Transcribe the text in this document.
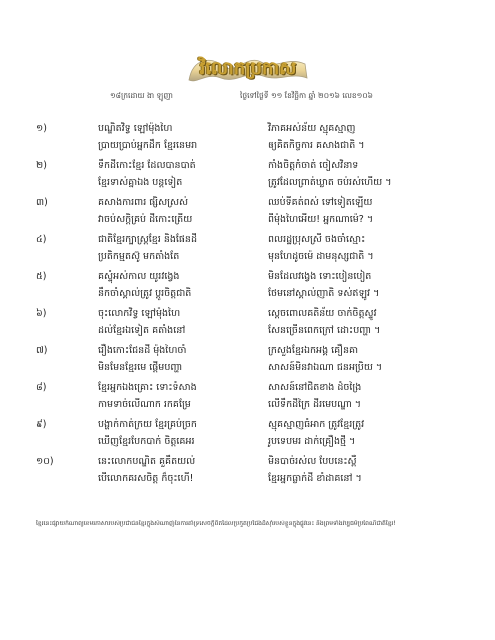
វិលោកប្រកាស
១៨ក្រដោយ ងា ឡូញា	ថ្ងៃទៅថ្ងៃទី ១១ ខែវិច្ឆិកា ឆ្នាំ ២០១៦ លេខ១០៦
១)	បណ្ឌិតវិទ្វ ឡៅម៉ុងហៃ	វិភាគអស់ន័យ ស្មុគស្មាញ
ប្រាយប្រាប់អ្នកដឹក ខ្មែរនេមរា	ឲ្យគិតកិច្ចការ គសាងជាតិ ។
២)	ទឹកដីកោះខ្មែរ ដែលបានបាត់	កាំងចិត្តកំចាត់ ចៀសវិនាទ
ខ្មែរទាស់គ្នាឯង បន្តទៀត	ត្រូវដែលព្រាត់ឃ្លាត ចប់រស់ហើយ ។
៣)	គសាងការពារ ផ្សិសស្រស់	ឈប់ទីគត់ពស់ ទៅទៀតឡើយ
វាចប់សក្តិគ្រប់ ដីកោះត្រើយ	ពីម៉ុងហៃអើយ! អ្នកណាម៉េ? ។
៤)	ជាតិខ្មែរក្បាស្រ្តខ្មែរ និងផែនដី	ពលរដ្ឋប្រុសស្រី ចងចាំស្មោះ
ប្រតិកម្មតស៊ូ មកតាំងតែ	មុនហែដូចម៉េ ដាមនុស្សជាតិ ។
៥)	គស្ទុំអស់កាល យូរវង្វេង	មិនដែលវង្វេង ទោះបៀនបៀត
នឹកចាំស្គាល់ត្រូវ ប្តូរចិត្តជាតិ	ថែមនៅស្គាល់ញាតិ ទស់ឥឡូវ ។
៦)	ចុះលោកវិទ្វ ឡៅម៉ុងហៃ	ស្តេចពោលគតិន័យ ចាក់ចិត្តស្ទូវ
ដល់ខ្មែរឯទៀត គតាំងនៅ	សែនច្រើនពេកក្រៅ ដោះបញ្ហា ។
៧)	រឿងកោះជែនដី ម៉ុងហៃចាំ	ក្រសួងខ្មែរឯកអង្គ គឿនគា
មិនមែនខ្មែរមេ ផ្តើមបញ្ហា	សាសន៍មិនវាឯណា ជនអប្រិយ ។
៨)	ខ្មែរអ្នកឯងគ្រោះ ទោះទំសាង	សាសន៍នៅជិតខាង ដំចង្រៃ
កាមទាច់លើណាក រកគម្រែ	លើទឹកដីក្រៃ ដីរមេបណ្ឌា ។
៩)	បង្ហាក់កាត់ក្រយ ខ្មែរគ្រប់ច្រក	ស្មុគស្មាញធំអាក ត្រូវខ្មែរត្រូវ
ឃើញខ្មែរបែកបាក់ ចិត្តគេអរ	រូបទេបមរ ដាក់គ្រឿងថ្មី ។
១០)	នេះលោកបណ្ឌិត គួគឹតយល់	មិនបាច់រស់ល បែបនេះស្ពឺ
បើលោកគរសចិត្ត ក៏ចុះហើ!	ខ្មែរអ្នកធ្លាក់ដី ខាំដាគនៅ ។
ខ្មែរនេះផ្សាយកំណាព្យខេមរភាសារបស់ប្រជាជនខ្មែរក្នុងសំណាញ់នៃការគាំទ្រសេចក្តីពិតដែលប្រកួតប្រជែងដ៏ស៊ាំរបស់ខ្លួនក្នុងផ្លូវនេះ និងព្រមទាំងវប្បធម៌ប្រពៃណីជាតិខ្មែរ!
